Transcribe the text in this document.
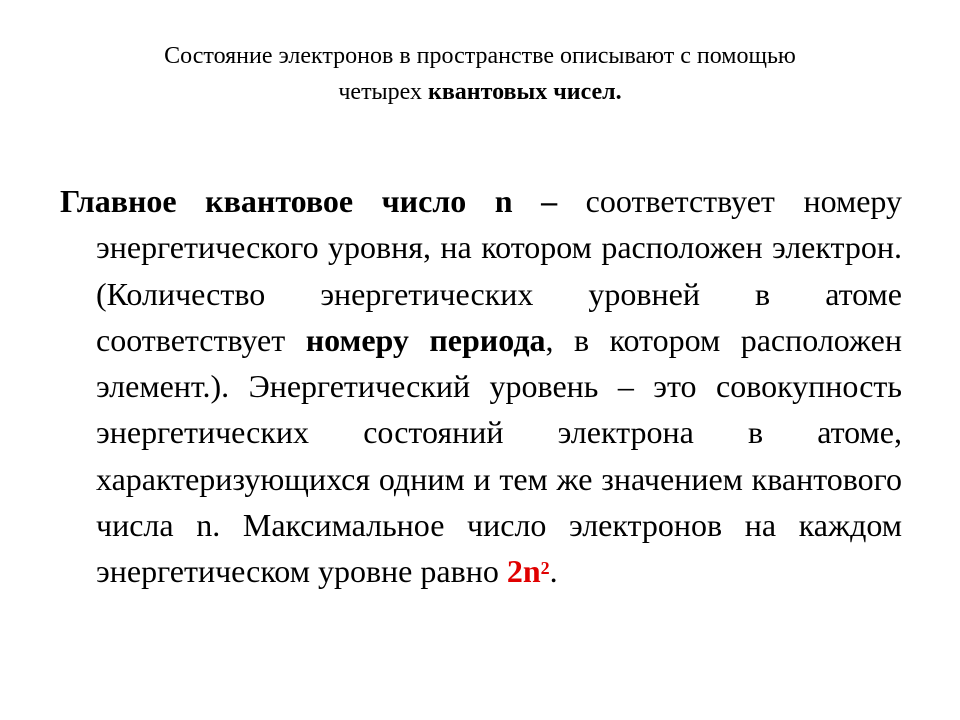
Состояние электронов в пространстве описывают с помощью
четырех квантовых чисел.
Главное квантовое число n – соответствует номеру энергетического уровня, на котором расположен электрон. (Количество энергетических уровней в атоме соответствует номеру периода, в котором расположен элемент.). Энергетический уровень – это совокупность энергетических состояний электрона в атоме, характеризующихся одним и тем же значением квантового числа n. Максимальное число электронов на каждом энергетическом уровне равно $2n^2$.
